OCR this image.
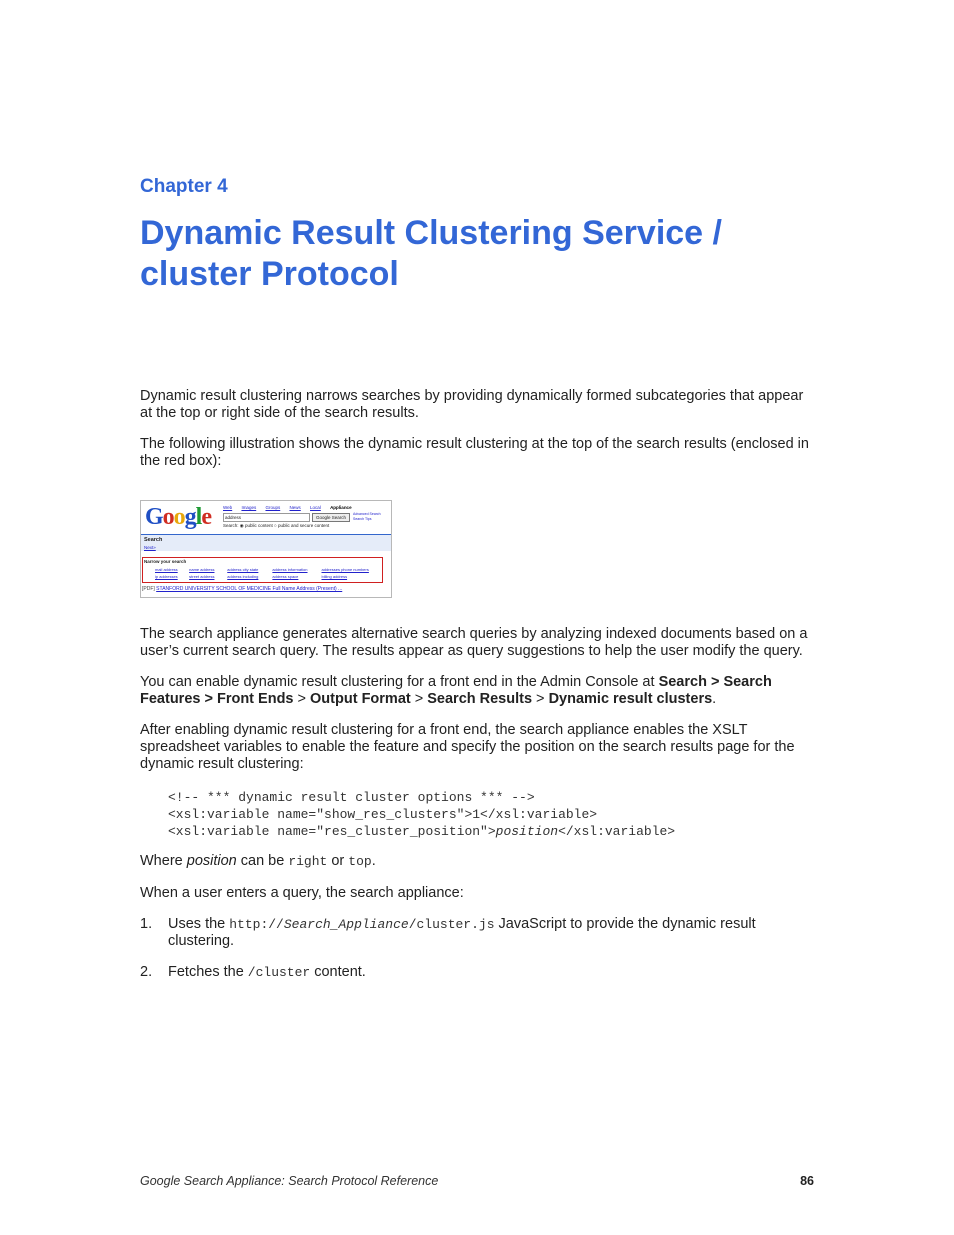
Chapter 4
Dynamic Result Clustering Service / cluster Protocol

Dynamic result clustering narrows searches by providing dynamically formed subcategories that appear at the top or right side of the search results.

The following illustration shows the dynamic result clustering at the top of the search results (enclosed in the red box):

Google	Web Images Groups News Local Appliance
address	Google Search
Advanced Search
Search Tips
Search: ◉ public content ○ public and secure content
Search
Next»
Narrow your search
mail address	name address	address city state	address information	addresses phone numbers
ip addresses	street address	address including	address space	billing address
[PDF] STANFORD UNIVERSITY SCHOOL OF MEDICINE Full Name Address (Present) ...

The search appliance generates alternative search queries by analyzing indexed documents based on a user’s current search query. The results appear as query suggestions to help the user modify the query.

You can enable dynamic result clustering for a front end in the Admin Console at Search > Search Features > Front Ends > Output Format > Search Results > Dynamic result clusters.

After enabling dynamic result clustering for a front end, the search appliance enables the XSLT spreadsheet variables to enable the feature and specify the position on the search results page for the dynamic result clustering:

<!-- *** dynamic result cluster options *** -->
<xsl:variable name="show_res_clusters">1</xsl:variable>
<xsl:variable name="res_cluster_position">position</xsl:variable>

Where position can be right or top.

When a user enters a query, the search appliance:

1. Uses the http://Search_Appliance/cluster.js JavaScript to provide the dynamic result clustering.
2. Fetches the /cluster content.
Google Search Appliance: Search Protocol Reference	86
